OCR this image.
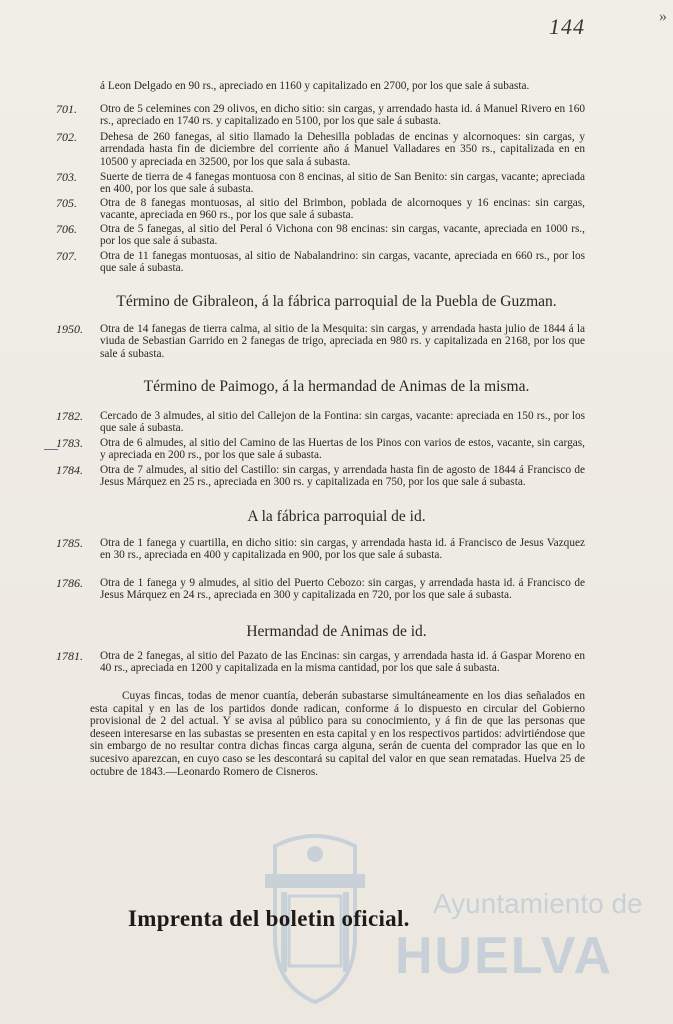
144	»
á Leon Delgado en 90 rs., apreciado en 1160 y capitalizado en 2700, por los que sale á subasta.
701. Otro de 5 celemines con 29 olivos, en dicho sitio: sin cargas, y arrendado hasta id. á Manuel Rivero en 160 rs., apreciado en 1740 rs. y capitalizado en 5100, por los que sale á subasta.
702. Dehesa de 260 fanegas, al sitio llamado la Dehesilla pobladas de encinas y alcornoques: sin cargas, y arrendada hasta fin de diciembre del corriente año á Manuel Valladares en 350 rs., capitalizada en en 10500 y apreciada en 32500, por los que sala á subasta.
703. Suerte de tierra de 4 fanegas montuosa con 8 encinas, al sitio de San Benito: sin cargas, vacante; apreciada en 400, por los que sale á subasta.
705. Otra de 8 fanegas montuosas, al sitio del Brimbon, poblada de alcornoques y 16 encinas: sin cargas, vacante, apreciada en 960 rs., por los que sale á subasta.
706. Otra de 5 fanegas, al sitio del Peral ó Vichona con 98 encinas: sin cargas, vacante, apreciada en 1000 rs., por los que sale á subasta.
707. Otra de 11 fanegas montuosas, al sitio de Nabalandrino: sin cargas, vacante, apreciada en 660 rs., por los que sale á subasta.
Término de Gibraleon, á la fábrica parroquial de la Puebla de Guzman.
1950. Otra de 14 fanegas de tierra calma, al sitio de la Mesquita: sin cargas, y arrendada hasta julio de 1844 á la viuda de Sebastian Garrido en 2 fanegas de trigo, apreciada en 980 rs. y capitalizada en 2168, por los que sale á subasta.
Término de Paimogo, á la hermandad de Animas de la misma.
1782. Cercado de 3 almudes, al sitio del Callejon de la Fontina: sin cargas, vacante: apreciada en 150 rs., por los que sale á subasta.
1783. Otra de 6 almudes, al sitio del Camino de las Huertas de los Pinos con varios de estos, vacante, sin cargas, y apreciada en 200 rs., por los que sale á subasta.
1784. Otra de 7 almudes, al sitio del Castillo: sin cargas, y arrendada hasta fin de agosto de 1844 á Francisco de Jesus Márquez en 25 rs., apreciada en 300 rs. y capitalizada en 750, por los que sale á subasta.
A la fábrica parroquial de id.
1785. Otra de 1 fanega y cuartilla, en dicho sitio: sin cargas, y arrendada hasta id. á Francisco de Jesus Vazquez en 30 rs., apreciada en 400 y capitalizada en 900, por los que sale á subasta.
1786. Otra de 1 fanega y 9 almudes, al sitio del Puerto Cebozo: sin cargas, y arrendada hasta id. á Francisco de Jesus Márquez en 24 rs., apreciada en 300 y capitalizada en 720, por los que sale á subasta.
Hermandad de Animas de id.
1781. Otra de 2 fanegas, al sitio del Pazato de las Encinas: sin cargas, y arrendada hasta id. á Gaspar Moreno en 40 rs., apreciada en 1200 y capitalizada en la misma cantidad, por los que sale á subasta.
Cuyas fincas, todas de menor cuantía, deberán subastarse simultáneamente en los dias señalados en esta capital y en las de los partidos donde radican, conforme á lo dispuesto en circular del Gobierno provisional de 2 del actual. Y se avisa al público para su conocimiento, y á fin de que las personas que deseen interesarse en las subastas se presenten en esta capital y en los respectivos partidos: advirtiéndose que sin embargo de no resultar contra dichas fincas carga alguna, serán de cuenta del comprador las que en lo sucesivo aparezcan, en cuyo caso se les descontará su capital del valor en que sean rematadas. Huelva 25 de octubre de 1843.—Leonardo Romero de Cisneros.
Ayuntamiento de
HUELVA
Imprenta del boletin oficial.
